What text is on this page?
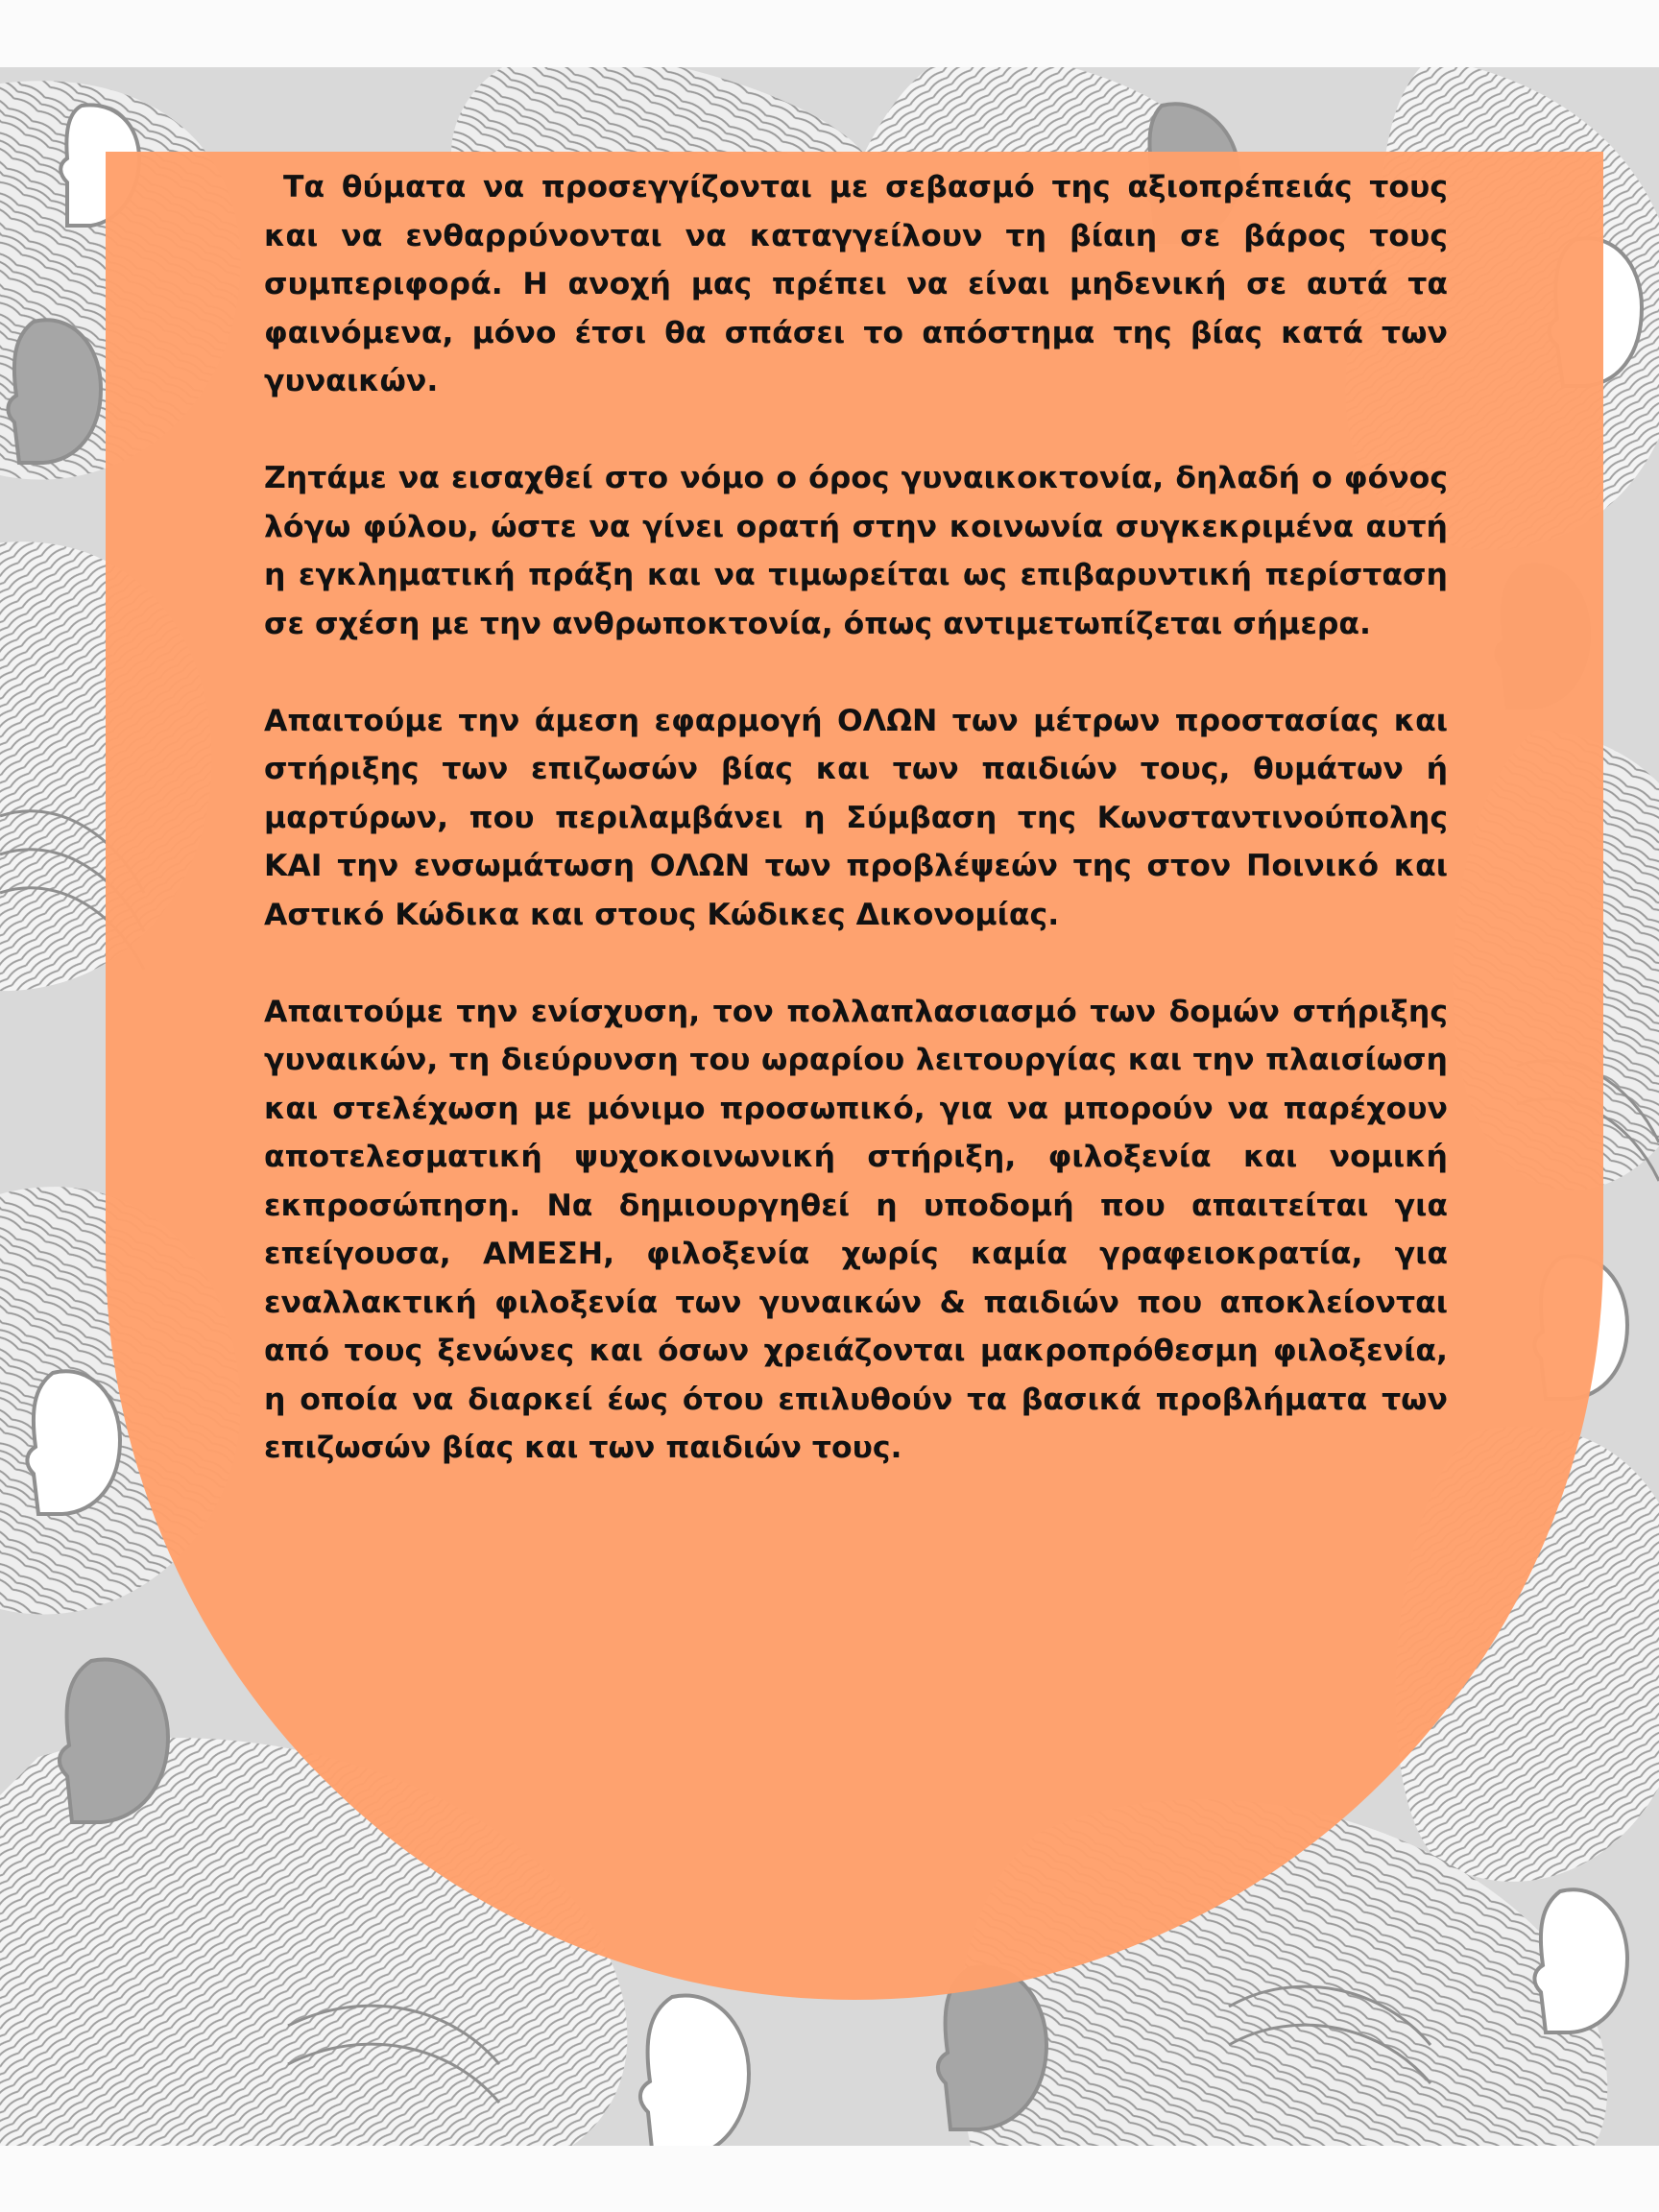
Τα θύματα να προσεγγίζονται με σεβασμό της αξιοπρέπειάς τους και να ενθαρρύνονται να καταγγείλουν τη βίαιη σε βάρος τους συμπεριφορά. Η ανοχή μας πρέπει να είναι μηδενική σε αυτά τα φαινόμενα, μόνο έτσι θα σπάσει το απόστημα της βίας κατά των γυναικών.

Ζητάμε να εισαχθεί στο νόμο ο όρος γυναικοκτονία, δηλαδή ο φόνος λόγω φύλου, ώστε να γίνει ορατή στην κοινωνία συγκεκριμένα αυτή η εγκληματική πράξη και να τιμωρείται ως επιβαρυντική περίσταση σε σχέση με την ανθρωποκτονία, όπως αντιμετωπίζεται σήμερα.

Απαιτούμε την άμεση εφαρμογή ΟΛΩΝ των μέτρων προστασίας και στήριξης των επιζωσών βίας και των παιδιών τους, θυμάτων ή μαρτύρων, που περιλαμβάνει η Σύμβαση της Κωνσταντινούπολης ΚΑΙ την ενσωμάτωση ΟΛΩΝ των προβλέψεών της στον Ποινικό και Αστικό Κώδικα και στους Κώδικες Δικονομίας.

Απαιτούμε την ενίσχυση, τον πολλαπλασιασμό των δομών στήριξης γυναικών, τη διεύρυνση του ωραρίου λειτουργίας και την πλαισίωση και στελέχωση με μόνιμο προσωπικό, για να μπορούν να παρέχουν αποτελεσματική ψυχοκοινωνική στήριξη, φιλοξενία και νομική εκπροσώπηση. Να δημιουργηθεί η υποδομή που απαιτείται για επείγουσα, ΑΜΕΣΗ, φιλοξενία χωρίς καμία γραφειοκρατία, για εναλλακτική φιλοξενία των γυναικών & παιδιών που αποκλείονται από τους ξενώνες και όσων χρειάζονται μακροπρόθεσμη φιλοξενία, η οποία να διαρκεί έως ότου επιλυθούν τα βασικά προβλήματα των επιζωσών βίας και των παιδιών τους.
